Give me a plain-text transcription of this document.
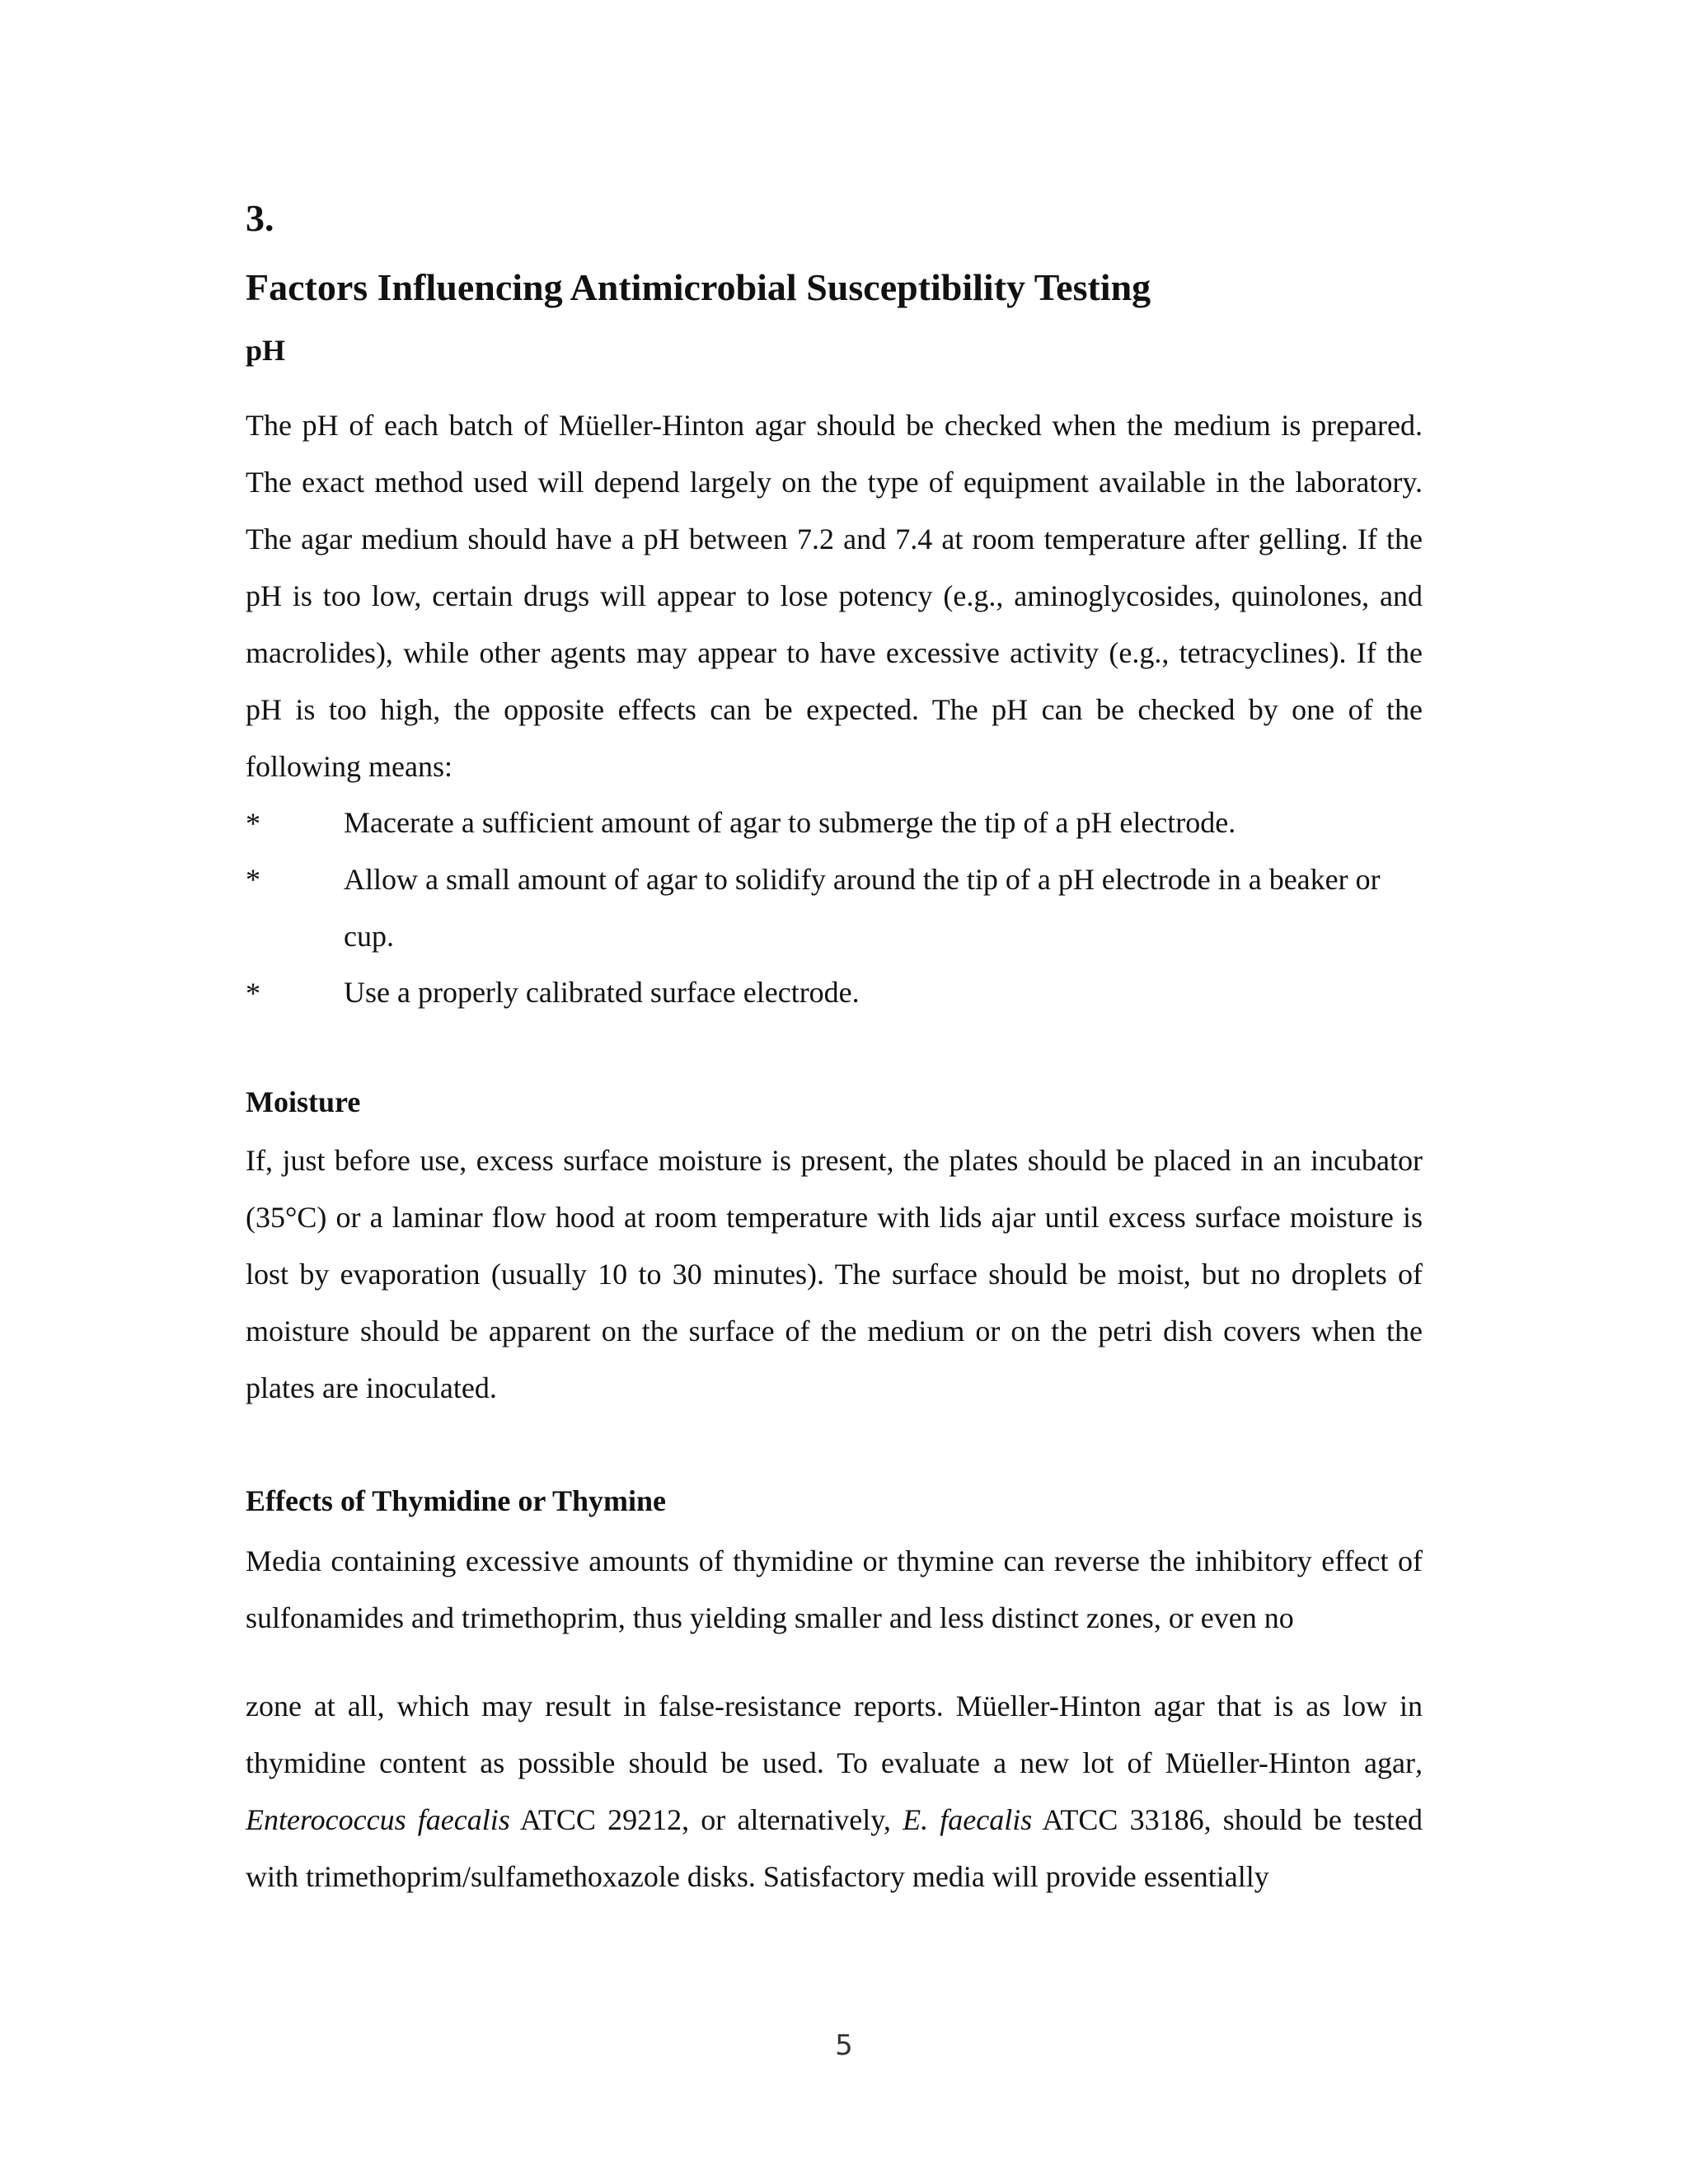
3.
Factors Influencing Antimicrobial Susceptibility Testing
pH
The pH of each batch of Müeller-Hinton agar should be checked when the medium is prepared. The exact method used will depend largely on the type of equipment available in the laboratory. The agar medium should have a pH between 7.2 and 7.4 at room temperature after gelling. If the pH is too low, certain drugs will appear to lose potency (e.g., aminoglycosides, quinolones, and macrolides), while other agents may appear to have excessive activity (e.g., tetracyclines). If the pH is too high, the opposite effects can be expected. The pH can be checked by one of the following means:
*	Macerate a sufficient amount of agar to submerge the tip of a pH electrode.
*	Allow a small amount of agar to solidify around the tip of a pH electrode in a beaker or cup.
*	Use a properly calibrated surface electrode.
Moisture
If, just before use, excess surface moisture is present, the plates should be placed in an incubator (35°C) or a laminar flow hood at room temperature with lids ajar until excess surface moisture is lost by evaporation (usually 10 to 30 minutes). The surface should be moist, but no droplets of moisture should be apparent on the surface of the medium or on the petri dish covers when the plates are inoculated.
Effects of Thymidine or Thymine
Media containing excessive amounts of thymidine or thymine can reverse the inhibitory effect of sulfonamides and trimethoprim, thus yielding smaller and less distinct zones, or even no
zone at all, which may result in false-resistance reports. Müeller-Hinton agar that is as low in thymidine content as possible should be used. To evaluate a new lot of Müeller-Hinton agar, Enterococcus faecalis ATCC 29212, or alternatively, E. faecalis ATCC 33186, should be tested with trimethoprim/sulfamethoxazole disks. Satisfactory media will provide essentially
5
